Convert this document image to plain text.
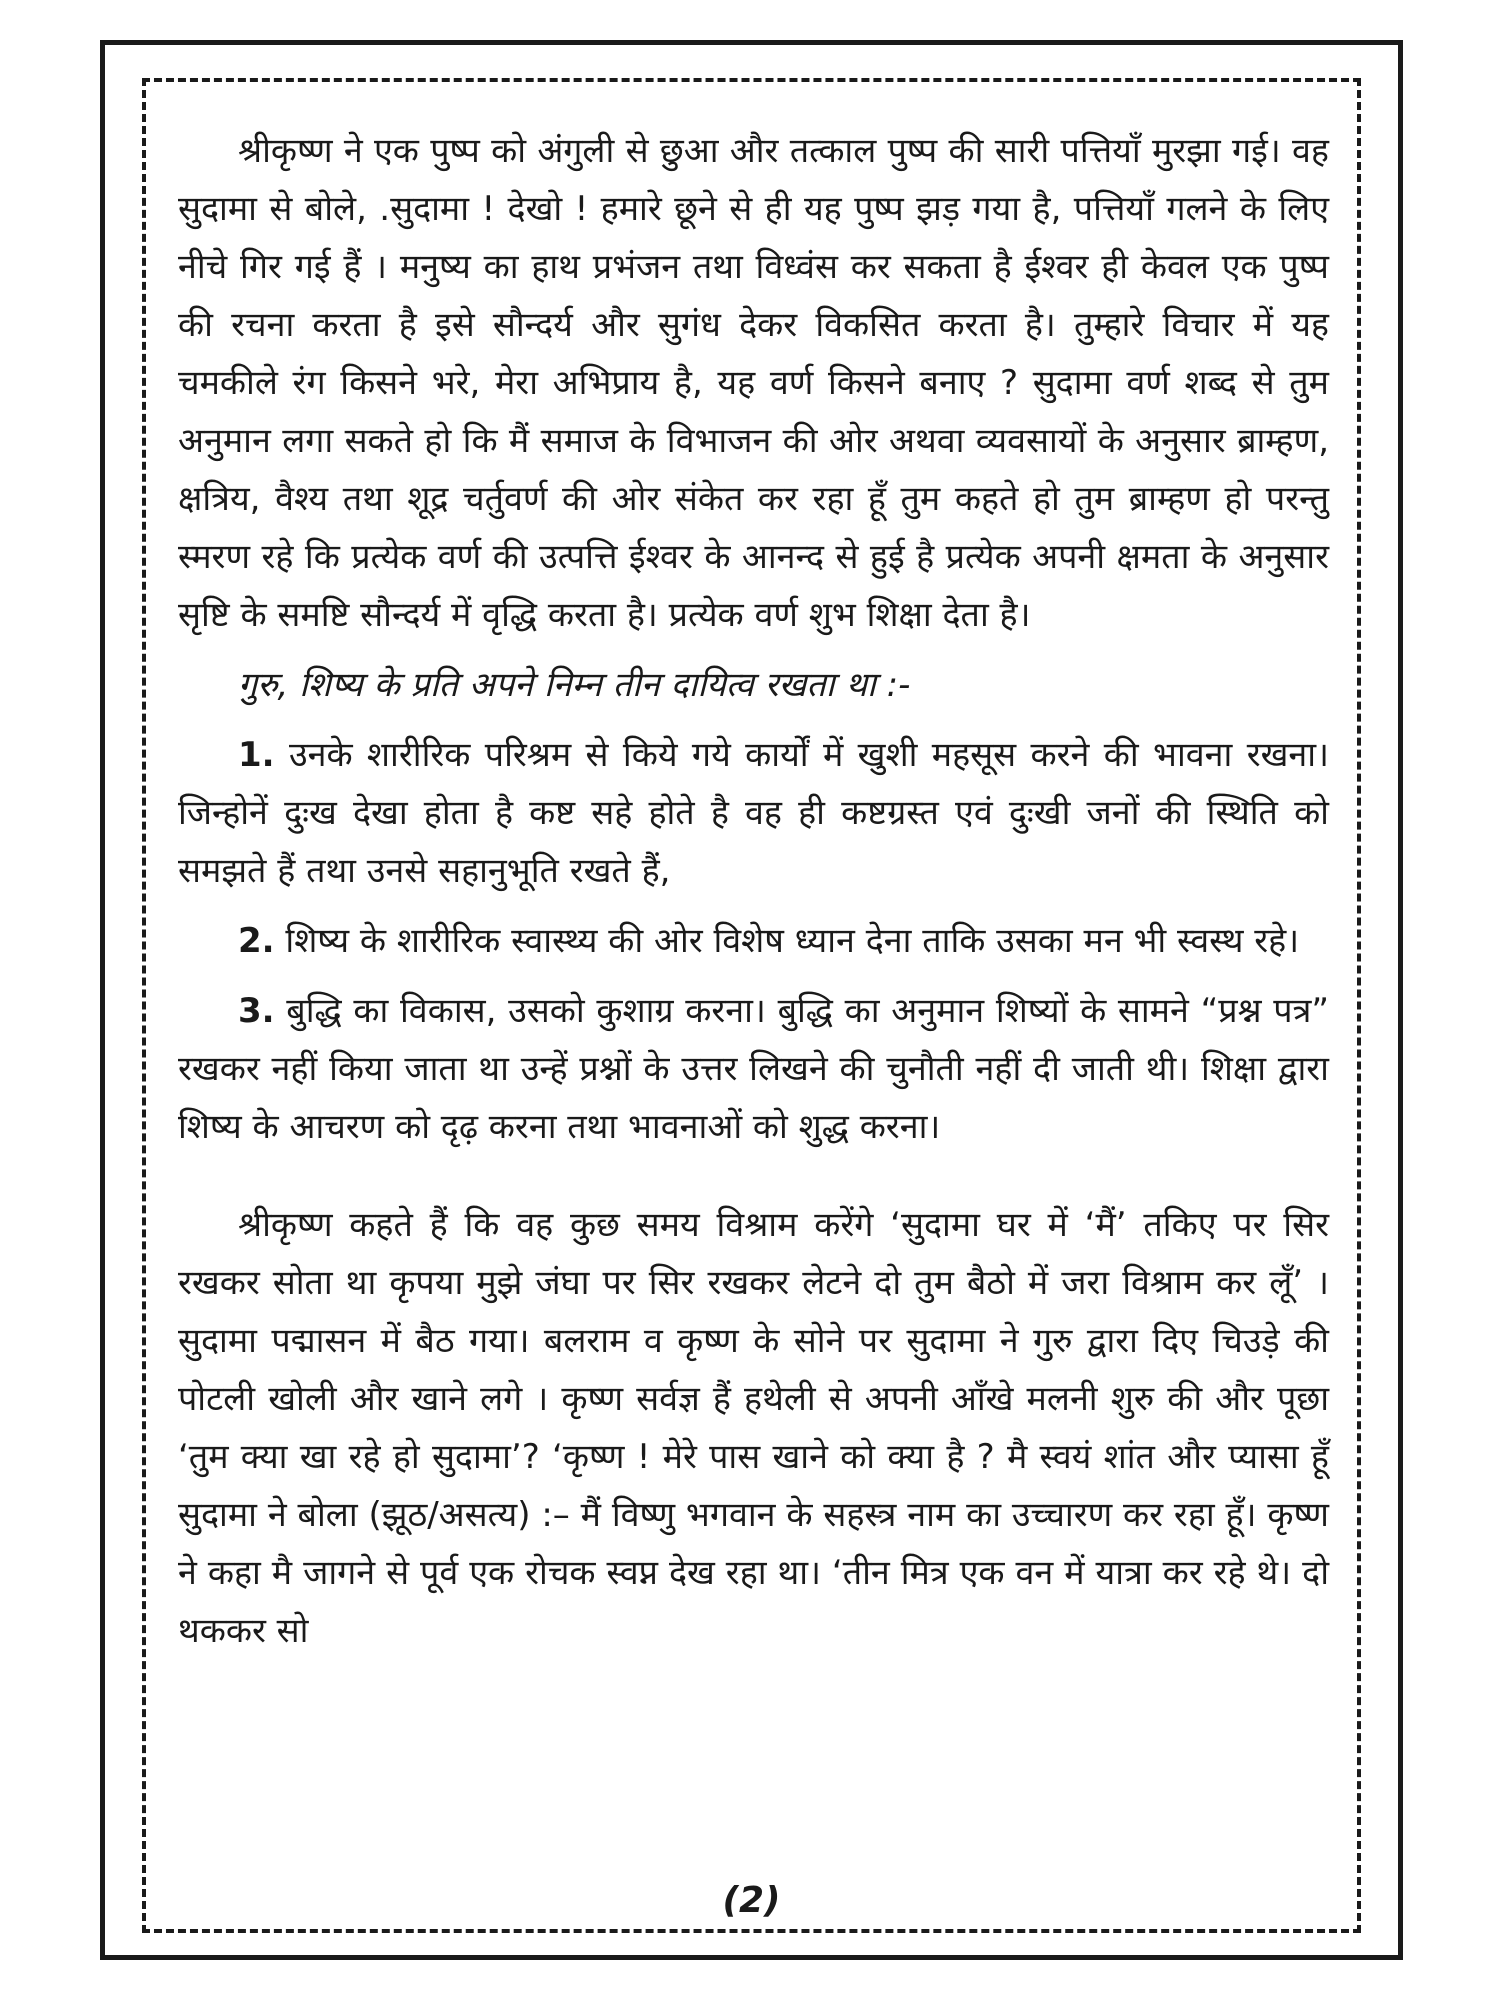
श्रीकृष्ण ने एक पुष्प को अंगुली से छुआ और तत्काल पुष्प की सारी पत्तियाँ मुरझा गई। वह सुदामा से बोले, .सुदामा ! देखो ! हमारे छूने से ही यह पुष्प झड़ गया है, पत्तियाँ गलने के लिए नीचे गिर गई हैं । मनुष्य का हाथ प्रभंजन तथा विध्वंस कर सकता है ईश्वर ही केवल एक पुष्प की रचना करता है इसे सौन्दर्य और सुगंध देकर विकसित करता है। तुम्हारे विचार में यह चमकीले रंग किसने भरे, मेरा अभिप्राय है, यह वर्ण किसने बनाए ? सुदामा वर्ण शब्द से तुम अनुमान लगा सकते हो कि मैं समाज के विभाजन की ओर अथवा व्यवसायों के अनुसार ब्राम्हण, क्षत्रिय, वैश्य तथा शूद्र चर्तुवर्ण की ओर संकेत कर रहा हूँ तुम कहते हो तुम ब्राम्हण हो परन्तु स्मरण रहे कि प्रत्येक वर्ण की उत्पत्ति ईश्वर के आनन्द से हुई है प्रत्येक अपनी क्षमता के अनुसार सृष्टि के समष्टि सौन्दर्य में वृद्धि करता है। प्रत्येक वर्ण शुभ शिक्षा देता है।

गुरु, शिष्य के प्रति अपने निम्न तीन दायित्व रखता था :-

1. उनके शारीरिक परिश्रम से किये गये कार्यों में खुशी महसूस करने की भावना रखना। जिन्होनें दुःख देखा होता है कष्ट सहे होते है वह ही कष्टग्रस्त एवं दुःखी जनों की स्थिति को समझते हैं तथा उनसे सहानुभूति रखते हैं,

2. शिष्य के शारीरिक स्वास्थ्य की ओर विशेष ध्यान देना ताकि उसका मन भी स्वस्थ रहे।

3. बुद्धि का विकास, उसको कुशाग्र करना। बुद्धि का अनुमान शिष्यों के सामने “प्रश्न पत्र” रखकर नहीं किया जाता था उन्हें प्रश्नों के उत्तर लिखने की चुनौती नहीं दी जाती थी। शिक्षा द्वारा शिष्य के आचरण को दृढ़ करना तथा भावनाओं को शुद्ध करना।

श्रीकृष्ण कहते हैं कि वह कुछ समय विश्राम करेंगे ‘सुदामा घर में ‘मैं’ तकिए पर सिर रखकर सोता था कृपया मुझे जंघा पर सिर रखकर लेटने दो तुम बैठो में जरा विश्राम कर लूँ’ । सुदामा पद्मासन में बैठ गया। बलराम व कृष्ण के सोने पर सुदामा ने गुरु द्वारा दिए चिउड़े की पोटली खोली और खाने लगे । कृष्ण सर्वज्ञ हैं हथेली से अपनी आँखे मलनी शुरु की और पूछा ‘तुम क्या खा रहे हो सुदामा’? ‘कृष्ण ! मेरे पास खाने को क्या है ? मै स्वयं शांत और प्यासा हूँ सुदामा ने बोला (झूठ/असत्य) :– मैं विष्णु भगवान के सहस्त्र नाम का उच्चारण कर रहा हूँ। कृष्ण ने कहा मै जागने से पूर्व एक रोचक स्वप्न देख रहा था। ‘तीन मित्र एक वन में यात्रा कर रहे थे। दो थककर सो

(2)
